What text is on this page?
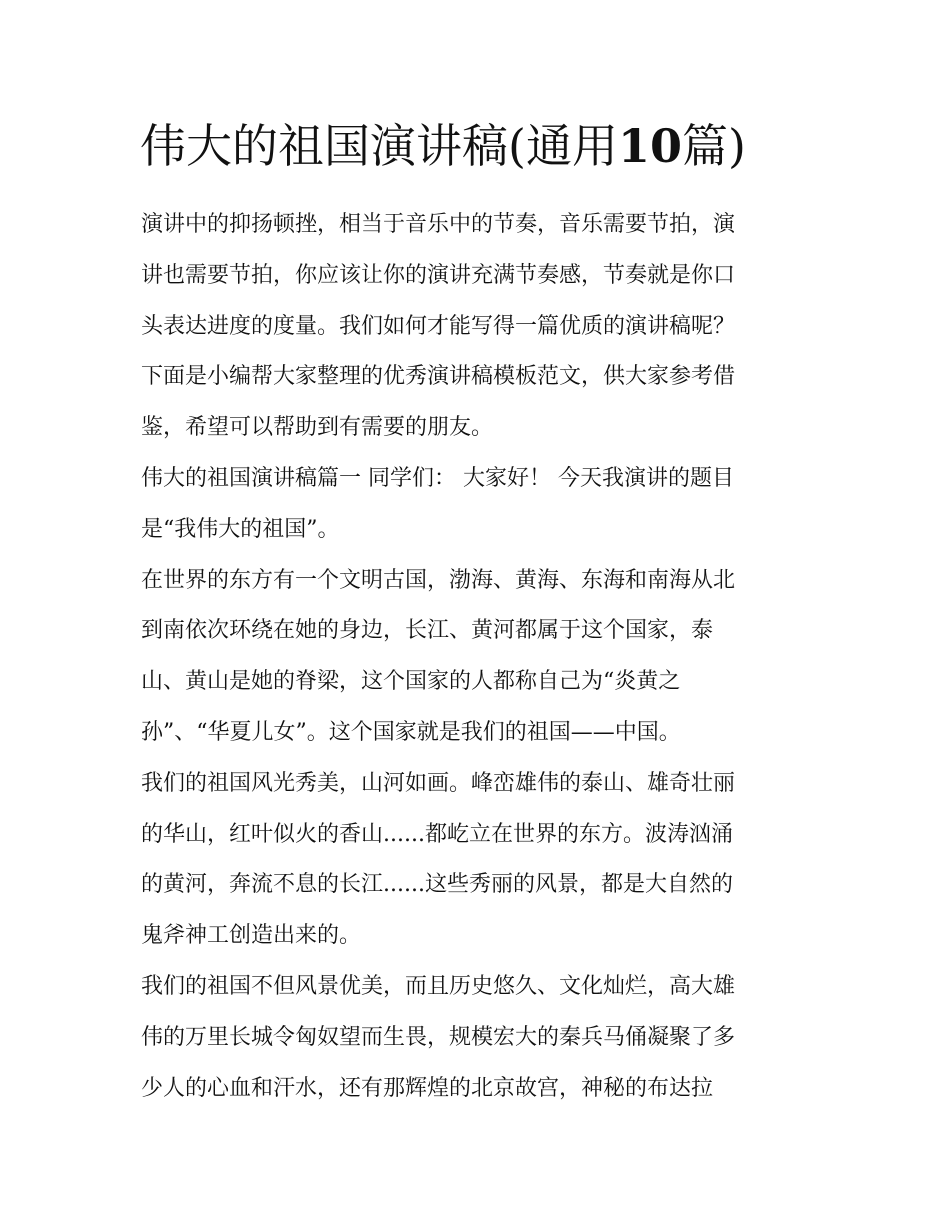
伟大的祖国演讲稿(通用10篇)

演讲中的抑扬顿挫，相当于音乐中的节奏，音乐需要节拍，演
讲也需要节拍，你应该让你的演讲充满节奏感，节奏就是你口
头表达进度的度量。我们如何才能写得一篇优质的演讲稿呢？
下面是小编帮大家整理的优秀演讲稿模板范文，供大家参考借
鉴，希望可以帮助到有需要的朋友。

伟大的祖国演讲稿篇一 同学们： 大家好！ 今天我演讲的题目
是“我伟大的祖国”。

在世界的东方有一个文明古国，渤海、黄海、东海和南海从北
到南依次环绕在她的身边，长江、黄河都属于这个国家，泰
山、黄山是她的脊梁，这个国家的人都称自己为“炎黄之
孙”、“华夏儿女”。这个国家就是我们的祖国——中国。

我们的祖国风光秀美，山河如画。峰峦雄伟的泰山、雄奇壮丽
的华山，红叶似火的香山......都屹立在世界的东方。波涛汹涌
的黄河，奔流不息的长江......这些秀丽的风景，都是大自然的
鬼斧神工创造出来的。

我们的祖国不但风景优美，而且历史悠久、文化灿烂，高大雄
伟的万里长城令匈奴望而生畏，规模宏大的秦兵马俑凝聚了多
少人的心血和汗水，还有那辉煌的北京故宫，神秘的布达拉
